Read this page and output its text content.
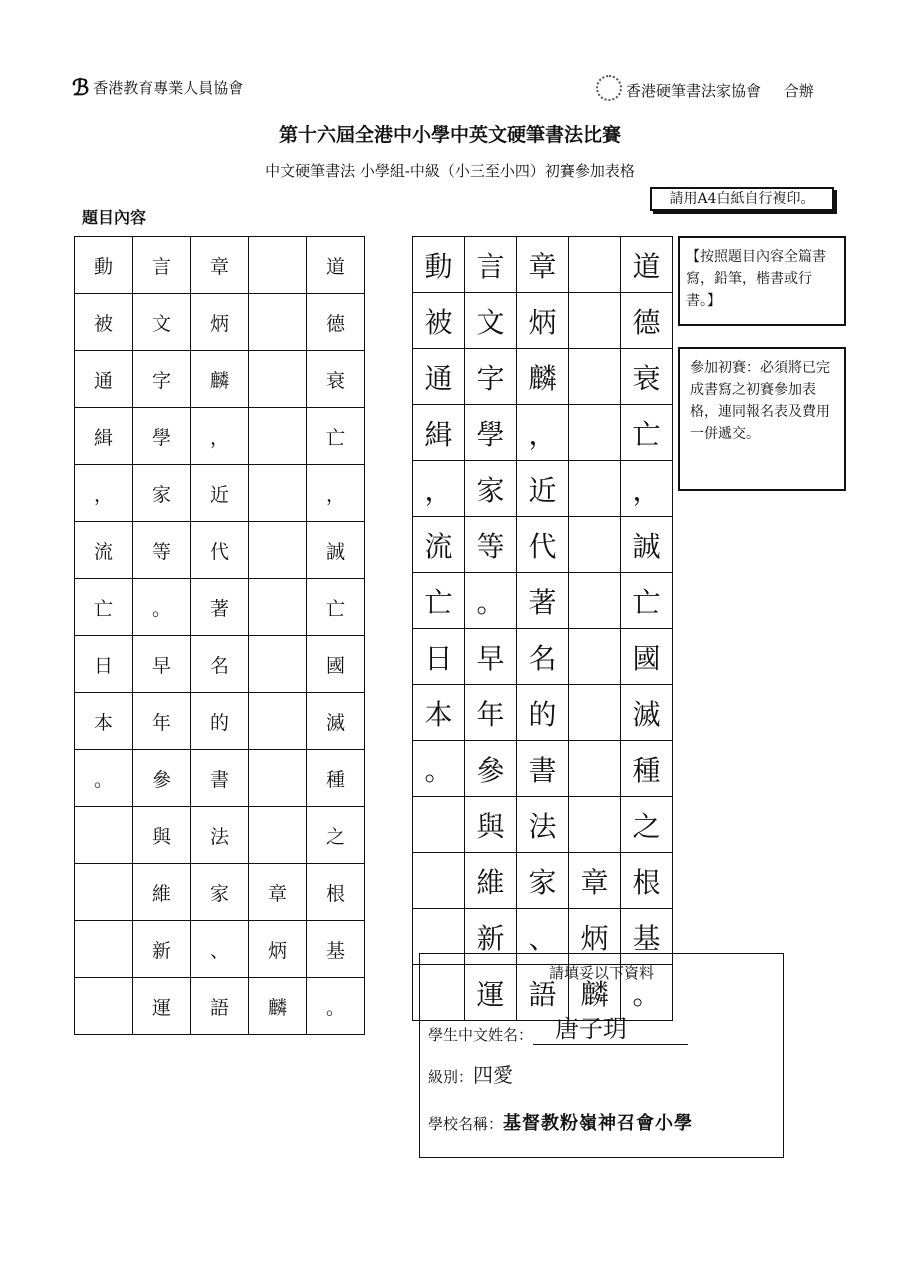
ℬ 香港教育專業人員協會	香港硬筆書法家協會 合辦
第十六屆全港中小學中英文硬筆書法比賽
中文硬筆書法 小學組-中級（小三至小四）初賽參加表格
請用A4白紙自行複印。
題目內容
動	言	章		道
被	文	炳		德
通	字	麟		衰
緝	學	，		亡
，	家	近		，
流	等	代		誠
亡	。	著		亡
日	早	名		國
本	年	的		滅
。	參	書		種
	與	法		之
	維	家	章	根
	新	、	炳	基
	運	語	麟	。
動	言	章		道
被	文	炳		德
通	字	麟		衰
緝	學	，		亡
，	家	近		，
流	等	代		誠
亡	。	著		亡
日	早	名		國
本	年	的		滅
。	參	書		種
	與	法		之
	維	家	章	根
	新	、	炳	基
	運	語	麟	。
【按照題目內容全篇書寫，鉛筆，楷書或行書。】
參加初賽：必須將已完成書寫之初賽參加表格，連同報名表及費用一併遞交。
請填妥以下資料
學生中文姓名： 唐子玥
級別：四愛
學校名稱：基督教粉嶺神召會小學
